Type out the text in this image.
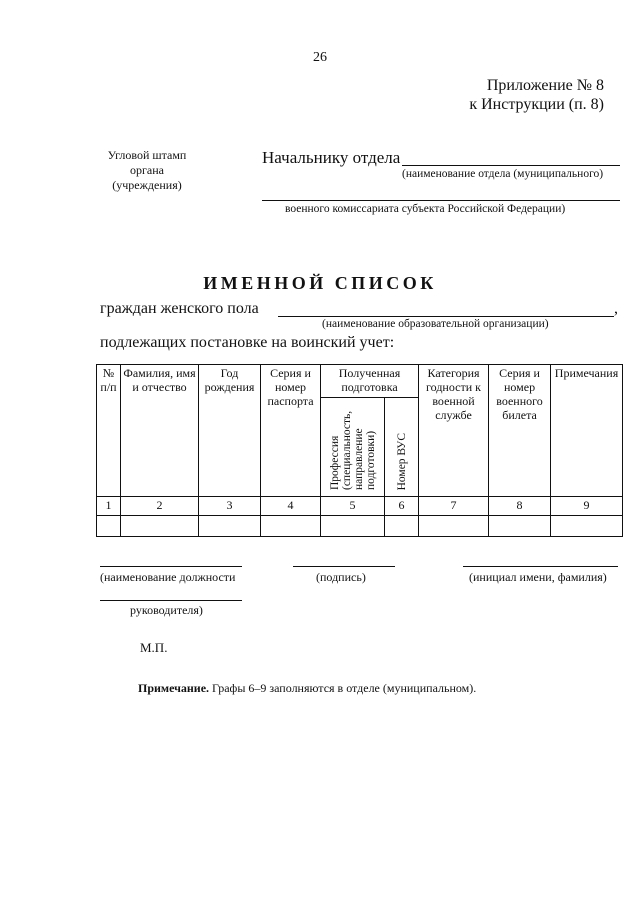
26
Приложение № 8
к Инструкции (п. 8)
Угловой штамп
органа
(учреждения)
Начальнику отдела
(наименование отдела (муниципального)
военного комиссариата субъекта Российской Федерации)
ИМЕННОЙ СПИСОК
граждан женского пола	,
(наименование образовательной организации)
подлежащих постановке на воинский учет:
№ п/п	Фамилия, имя и отчество	Год рождения	Серия и номер паспорта	Полученная подготовка		Категория годности к военной службе	Серия и номер военного билета	Примечания
				Профессия (специальность, направление подготовки)	Номер ВУС			
1	2	3	4	5	6	7	8	9

(наименование должности	(подпись)	(инициал имени, фамилия)
руководителя)
М.П.
Примечание. Графы 6–9 заполняются в отделе (муниципальном).
